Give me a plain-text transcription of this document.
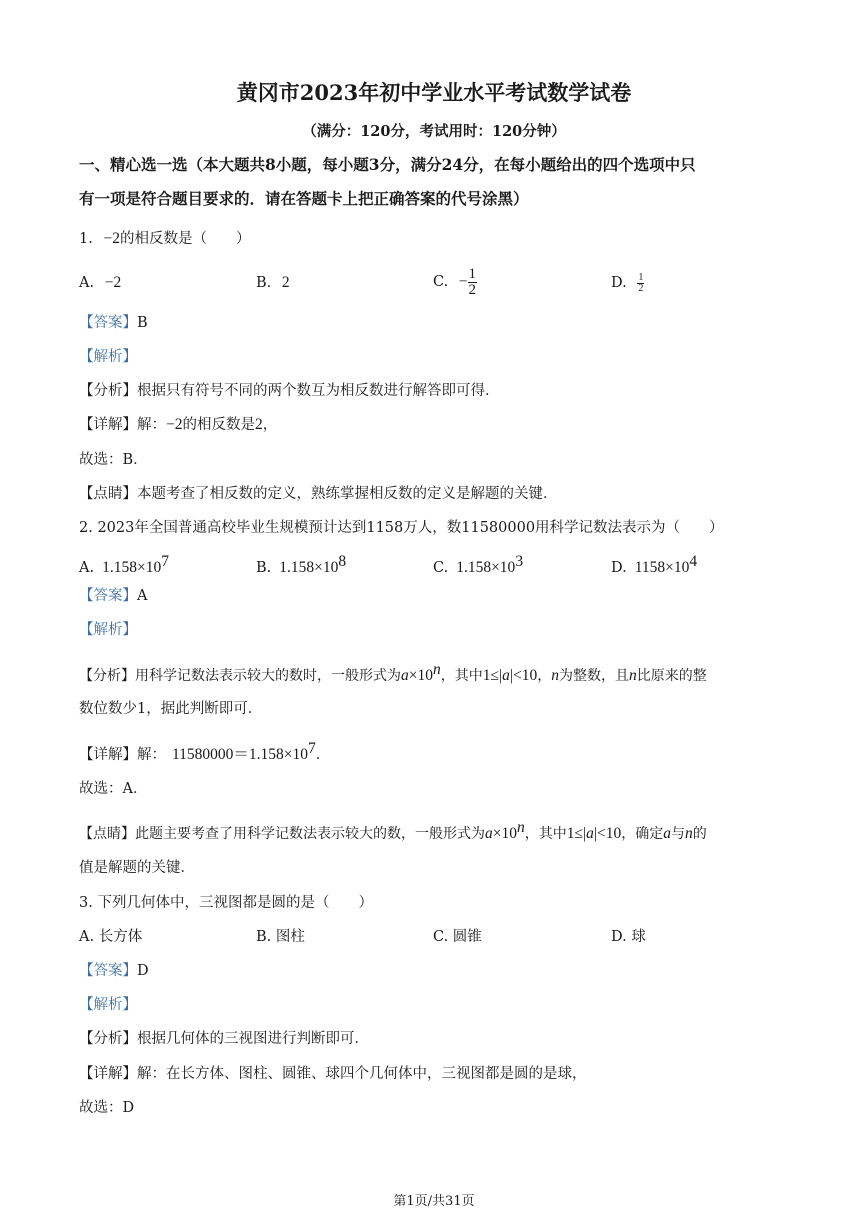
黄冈市2023年初中学业水平考试数学试卷
（满分：120分，考试用时：120分钟）
一、精心选一选（本大题共8小题，每小题3分，满分24分，在每小题给出的四个选项中只
有一项是符合题目要求的．请在答题卡上把正确答案的代号涂黑）
1. −2的相反数是（　　）
A. −2	B. 2	C. − $\frac{1}{2}$	D. $\frac{1}{2}$
【答案】B
【解析】
【分析】根据只有符号不同的两个数互为相反数进行解答即可得．
【详解】解：−2的相反数是2，
故选：B．
【点睛】本题考查了相反数的定义，熟练掌握相反数的定义是解题的关键．
2. 2023年全国普通高校毕业生规模预计达到1158万人，数11580000用科学记数法表示为（　　）
A. $1.158\times 10^7$	B. $1.158\times 10^8$	C. $1.158\times 10^3$	D. $1158\times 10^4$
【答案】A
【解析】
【分析】用科学记数法表示较大的数时，一般形式为$a\times 10^n$，其中1≤|a|<10，n为整数，且n比原来的整
数位数少1，据此判断即可．
【详解】解： $11580000=1.158\times 10^7$．
故选：A．
【点睛】此题主要考查了用科学记数法表示较大的数，一般形式为$a\times 10^n$，其中1≤|a|<10，确定a与n的
值是解题的关键．
3. 下列几何体中，三视图都是圆的是（　　）
A. 长方体	B. 图柱	C. 圆锥	D. 球
【答案】D
【解析】
【分析】根据几何体的三视图进行判断即可．
【详解】解：在长方体、图柱、圆锥、球四个几何体中，三视图都是圆的是球，
故选：D
第1页/共31页
